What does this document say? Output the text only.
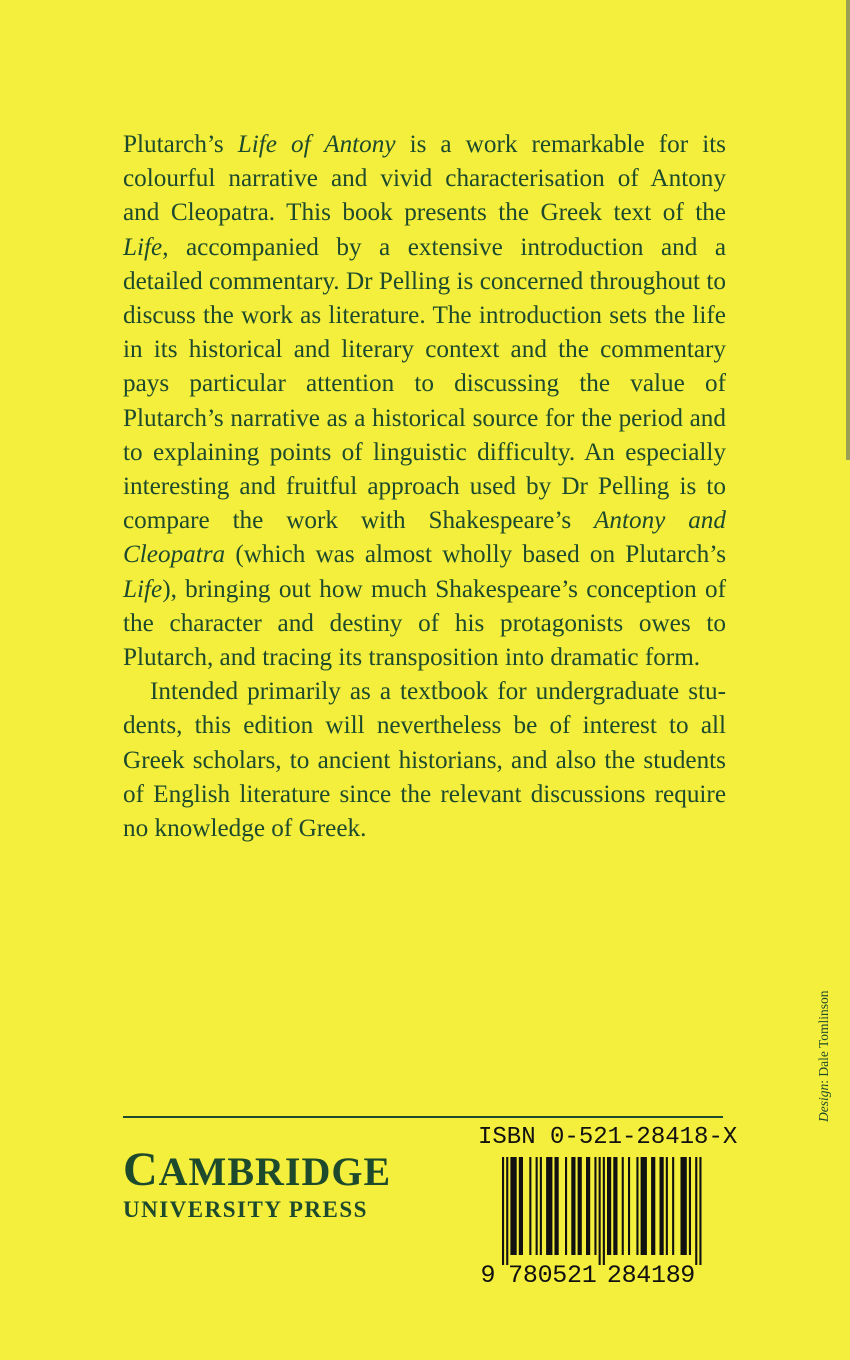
Plutarch’s Life of Antony is a work remarkable for its colourful narrative and vivid characterisation of Antony and Cleopatra. This book presents the Greek text of the Life, accompanied by a extensive introduction and a detailed commentary. Dr Pelling is concerned throughout to discuss the work as literature. The introduction sets the life in its historical and literary context and the commentary pays particular attention to discussing the value of Plutarch’s narrative as a historical source for the period and to explaining points of linguistic difficulty. An especially interesting and fruitful approach used by Dr Pelling is to compare the work with Shakespeare’s Antony and Cleopatra (which was almost wholly based on Plutarch’s Life), bringing out how much Shakespeare’s conception of the character and destiny of his protagonists owes to Plutarch, and tracing its transposition into dramatic form.

Intended primarily as a textbook for undergraduate students, this edition will nevertheless be of interest to all Greek scholars, to ancient historians, and also the students of English literature since the relevant discussions require no knowledge of Greek.

CAMBRIDGE
UNIVERSITY PRESS
ISBN 0-521-28418-X
9 7 8 0 5 2 1 2 8 4 1 8 9
Design: Dale Tomlinson
